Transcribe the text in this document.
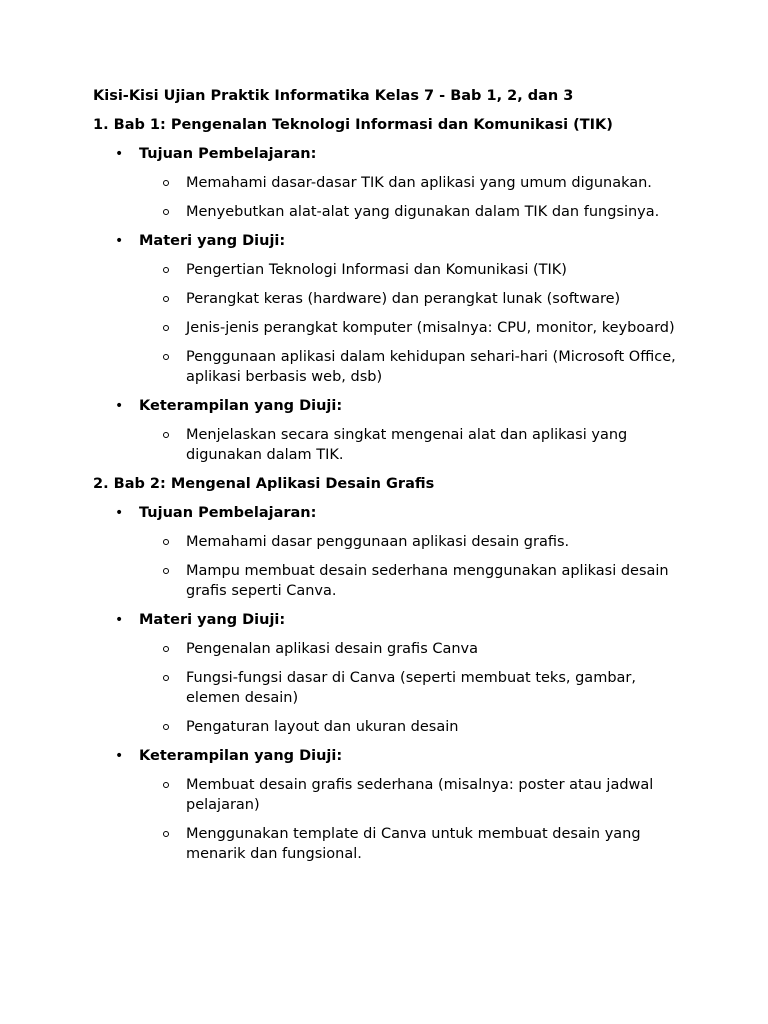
Kisi-Kisi Ujian Praktik Informatika Kelas 7 - Bab 1, 2, dan 3

1. Bab 1: Pengenalan Teknologi Informasi dan Komunikasi (TIK)

• Tujuan Pembelajaran:
Memahami dasar-dasar TIK dan aplikasi yang umum digunakan.
Menyebutkan alat-alat yang digunakan dalam TIK dan fungsinya.
• Materi yang Diuji:
Pengertian Teknologi Informasi dan Komunikasi (TIK)
Perangkat keras (hardware) dan perangkat lunak (software)
Jenis-jenis perangkat komputer (misalnya: CPU, monitor, keyboard)
Penggunaan aplikasi dalam kehidupan sehari-hari (Microsoft Office, aplikasi berbasis web, dsb)
• Keterampilan yang Diuji:
Menjelaskan secara singkat mengenai alat dan aplikasi yang digunakan dalam TIK.

2. Bab 2: Mengenal Aplikasi Desain Grafis

• Tujuan Pembelajaran:
Memahami dasar penggunaan aplikasi desain grafis.
Mampu membuat desain sederhana menggunakan aplikasi desain grafis seperti Canva.
• Materi yang Diuji:
Pengenalan aplikasi desain grafis Canva
Fungsi-fungsi dasar di Canva (seperti membuat teks, gambar, elemen desain)
Pengaturan layout dan ukuran desain
• Keterampilan yang Diuji:
Membuat desain grafis sederhana (misalnya: poster atau jadwal pelajaran)
Menggunakan template di Canva untuk membuat desain yang menarik dan fungsional.
